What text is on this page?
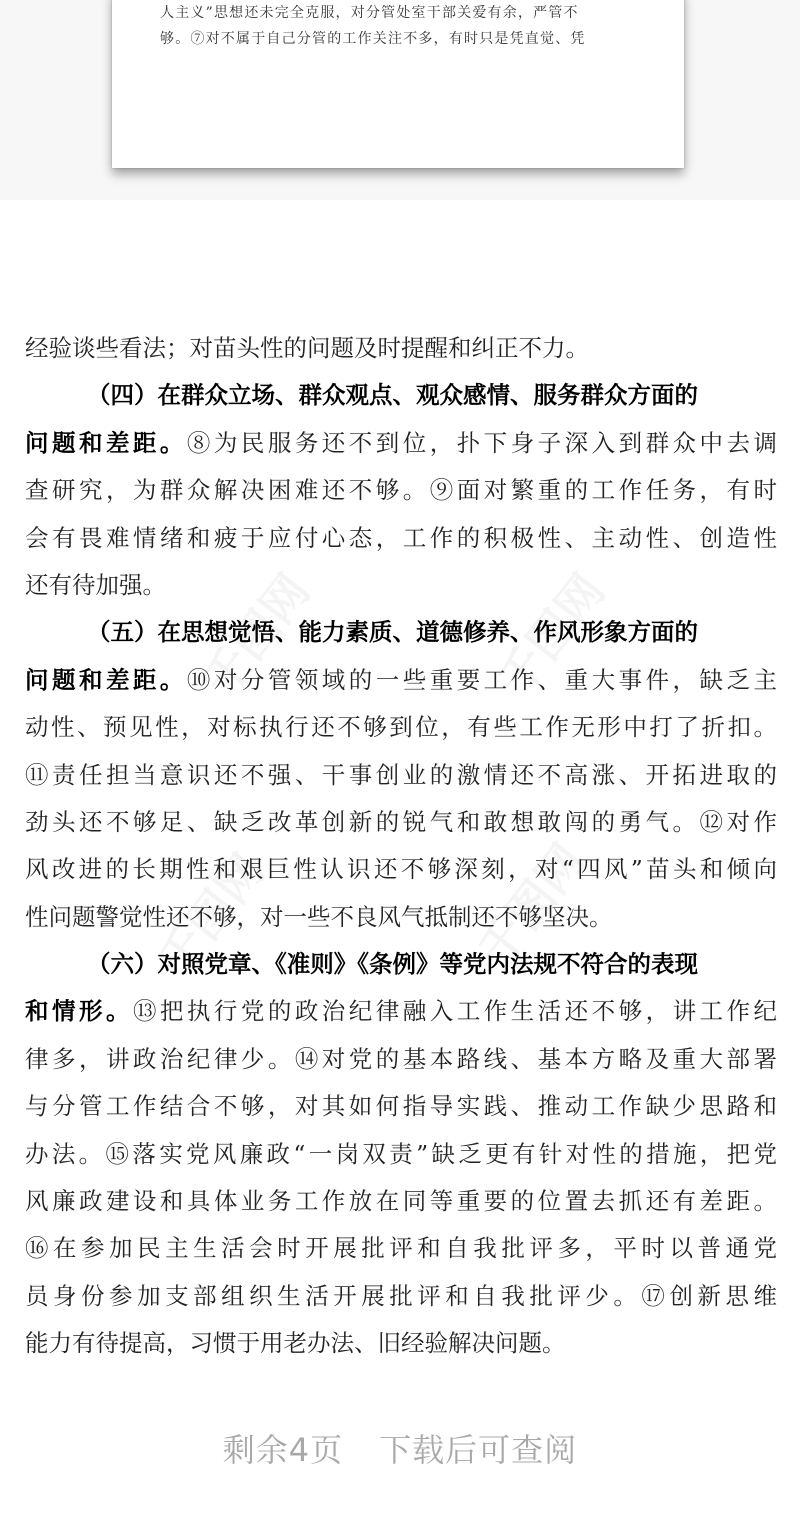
人主义”思想还未完全克服，对分管处室干部关爱有余，严管不
够。⑦对不属于自己分管的工作关注不多，有时只是凭直觉、凭
经验谈些看法；对苗头性的问题及时提醒和纠正不力。
（四）在群众立场、群众观点、观众感情、服务群众方面的
问题和差距。⑧为民服务还不到位，扑下身子深入到群众中去调
查研究，为群众解决困难还不够。⑨面对繁重的工作任务，有时
会有畏难情绪和疲于应付心态，工作的积极性、主动性、创造性
还有待加强。
（五）在思想觉悟、能力素质、道德修养、作风形象方面的
问题和差距。⑩对分管领域的一些重要工作、重大事件，缺乏主
动性、预见性，对标执行还不够到位，有些工作无形中打了折扣。
⑪责任担当意识还不强、干事创业的激情还不高涨、开拓进取的
劲头还不够足、缺乏改革创新的锐气和敢想敢闯的勇气。⑫对作
风改进的长期性和艰巨性认识还不够深刻，对“四风”苗头和倾向
性问题警觉性还不够，对一些不良风气抵制还不够坚决。
（六）对照党章、《准则》《条例》等党内法规不符合的表现
和情形。⑬把执行党的政治纪律融入工作生活还不够，讲工作纪
律多，讲政治纪律少。⑭对党的基本路线、基本方略及重大部署
与分管工作结合不够，对其如何指导实践、推动工作缺少思路和
办法。⑮落实党风廉政“一岗双责”缺乏更有针对性的措施，把党
风廉政建设和具体业务工作放在同等重要的位置去抓还有差距。
⑯在参加民主生活会时开展批评和自我批评多，平时以普通党
员身份参加支部组织生活开展批评和自我批评少。⑰创新思维
能力有待提高，习惯于用老办法、旧经验解决问题。
剩余4页 下载后可查阅
